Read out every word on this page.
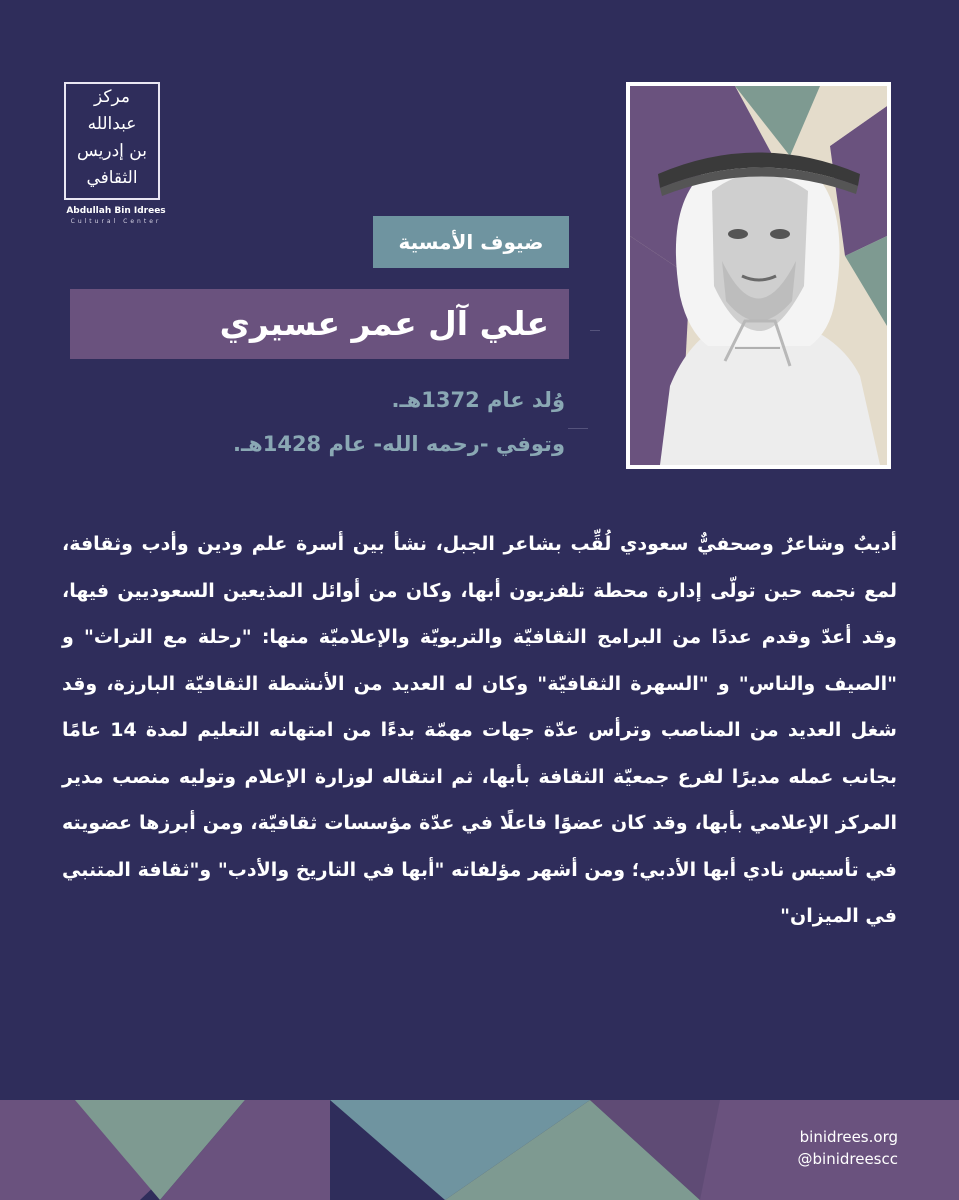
مركز
عبدالله
بن إدريس
الثقافي
Abdullah Bin Idrees
Cultural Center
ضيوف الأمسية
علي آل عمر عسيري
وُلد عام 1372هـ.
وتوفي -رحمه الله- عام 1428هـ.
أديبٌ وشاعرٌ وصحفيٌّ سعودي لُقِّب بشاعر الجبل، نشأ بين أسرة علم ودين وأدب وثقافة، لمع نجمه حين تولّى إدارة محطة تلفزيون أبها، وكان من أوائل المذيعين السعوديين فيها، وقد أعدّ وقدم عددًا من البرامج الثقافيّة والتربويّة والإعلاميّة منها: "رحلة مع التراث" و "الصيف والناس" و "السهرة الثقافيّة" وكان له العديد من الأنشطة الثقافيّة البارزة، وقد شغل العديد من المناصب وترأس عدّة جهات مهمّة بدءًا من امتهانه التعليم لمدة 14 عامًا بجانب عمله مديرًا لفرع جمعيّة الثقافة بأبها، ثم انتقاله لوزارة الإعلام وتوليه منصب مدير المركز الإعلامي بأبها، وقد كان عضوًا فاعلًا في عدّة مؤسسات ثقافيّة، ومن أبرزها عضويته في تأسيس نادي أبها الأدبي؛ ومن أشهر مؤلفاته "أبها في التاريخ والأدب" و"ثقافة المتنبي في الميزان"
binidrees.org
@binidreescc
